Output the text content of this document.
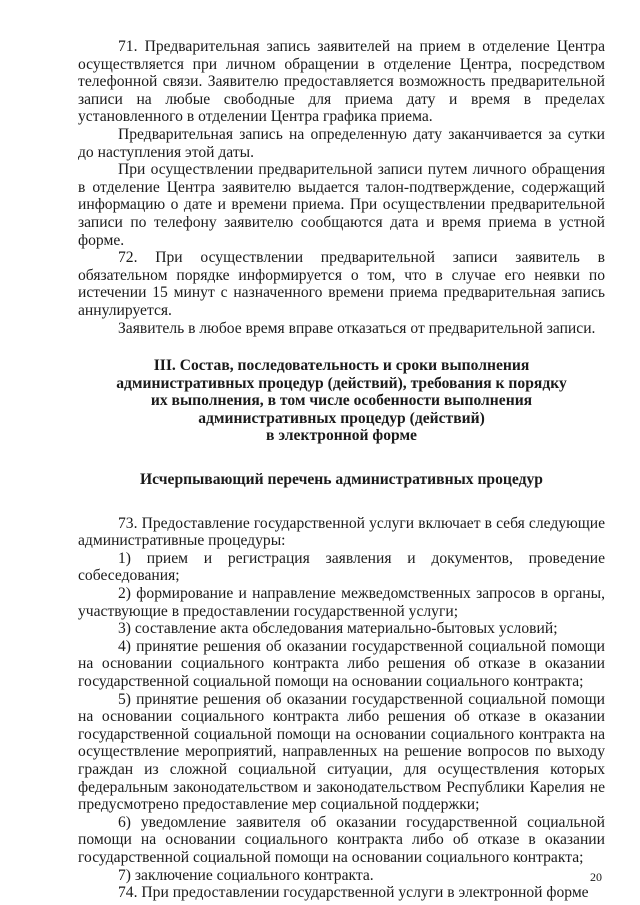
71. Предварительная запись заявителей на прием в отделение Центра осуществляется при личном обращении в отделение Центра, посредством телефонной связи. Заявителю предоставляется возможность предварительной записи на любые свободные для приема дату и время в пределах установленного в отделении Центра графика приема.

Предварительная запись на определенную дату заканчивается за сутки до наступления этой даты.

При осуществлении предварительной записи путем личного обращения в отделение Центра заявителю выдается талон-подтверждение, содержащий информацию о дате и времени приема. При осуществлении предварительной записи по телефону заявителю сообщаются дата и время приема в устной форме.

72. При осуществлении предварительной записи заявитель в обязательном порядке информируется о том, что в случае его неявки по истечении 15 минут с назначенного времени приема предварительная запись аннулируется.

Заявитель в любое время вправе отказаться от предварительной записи.

III. Состав, последовательность и сроки выполнения
административных процедур (действий), требования к порядку
их выполнения, в том числе особенности выполнения
административных процедур (действий)
в электронной форме
Исчерпывающий перечень административных процедур

73. Предоставление государственной услуги включает в себя следующие административные процедуры:

1) прием и регистрация заявления и документов, проведение собеседования;

2) формирование и направление межведомственных запросов в органы, участвующие в предоставлении государственной услуги;

3) составление акта обследования материально-бытовых условий;

4) принятие решения об оказании государственной социальной помощи на основании социального контракта либо решения об отказе в оказании государственной социальной помощи на основании социального контракта;

5) принятие решения об оказании государственной социальной помощи на основании социального контракта либо решения об отказе в оказании государственной социальной помощи на основании социального контракта на осуществление мероприятий, направленных на решение вопросов по выходу граждан из сложной социальной ситуации, для осуществления которых федеральным законодательством и законодательством Республики Карелия не предусмотрено предоставление мер социальной поддержки;

6) уведомление заявителя об оказании государственной социальной помощи на основании социального контракта либо об отказе в оказании государственной социальной помощи на основании социального контракта;

7) заключение социального контракта.

74. При предоставлении государственной услуги в электронной форме

20
